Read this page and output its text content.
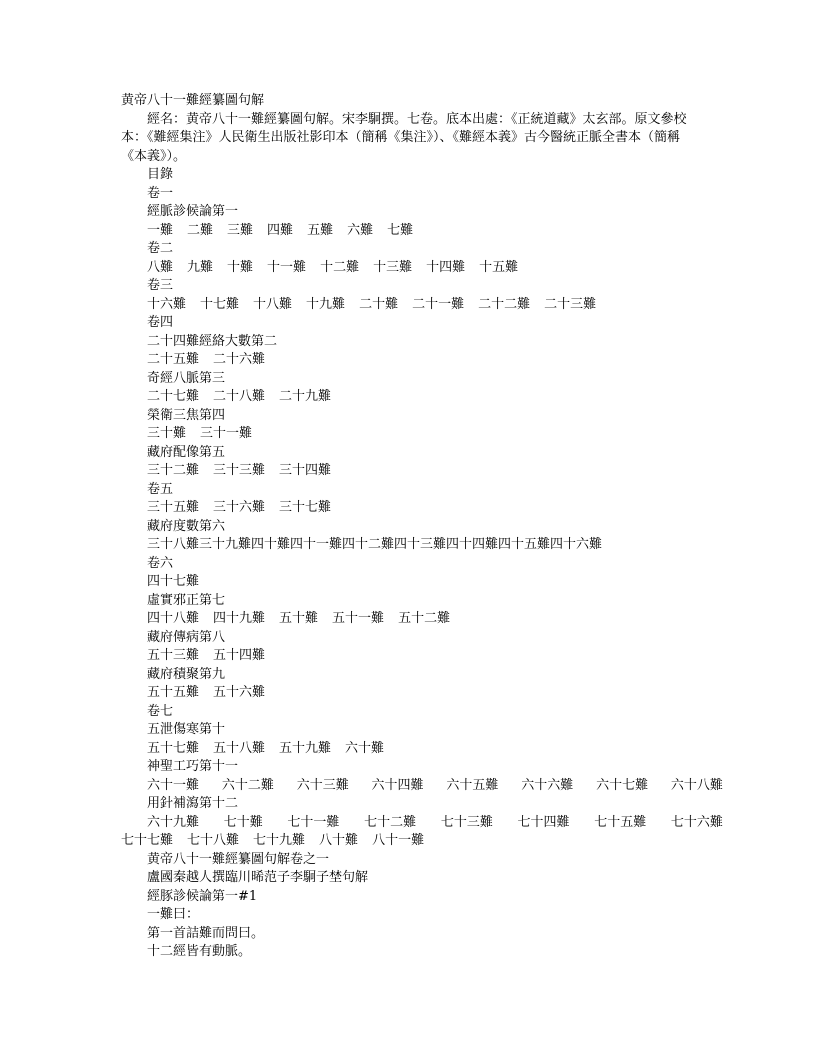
黄帝八十一難經纂圖句解
經名：黄帝八十一難經纂圖句解。宋李駉撰。七卷。底本出處：《正統道藏》太玄部。原文參校本：《難經集注》人民衛生出版社影印本（簡稱《集注》）、《難經本義》古今醫統正脈全書本（簡稱《本義》）。
目錄
卷一
經脈診候論第一
一難 二難 三難 四難 五難 六難 七難
卷二
八難 九難 十難 十一難 十二難 十三難 十四難 十五難
卷三
十六難 十七難 十八難 十九難 二十難 二十一難 二十二難 二十三難
卷四
二十四難經絡大數第二
二十五難 二十六難
奇經八脈第三
二十七難 二十八難 二十九難
榮衛三焦第四
三十難 三十一難
藏府配像第五
三十二難 三十三難 三十四難
卷五
三十五難 三十六難 三十七難
藏府度數第六
三十八難三十九難四十難四十一難四十二難四十三難四十四難四十五難四十六難
卷六
四十七難
虛實邪正第七
四十八難 四十九難 五十難 五十一難 五十二難
藏府傳病第八
五十三難 五十四難
藏府積聚第九
五十五難 五十六難
卷七
五泄傷寒第十
五十七難 五十八難 五十九難 六十難
神聖工巧第十一
六十一難 六十二難 六十三難 六十四難 六十五難 六十六難 六十七難 六十八難
用針補瀉第十二
六十九難 七十難 七十一難 七十二難 七十三難 七十四難 七十五難 七十六難
七十七難 七十八難 七十九難 八十難 八十一難
黄帝八十一難經纂圖句解卷之一
盧國秦越人撰臨川晞范子李駉子埜句解
經豚診候論第一#1
一難曰：
第一首詰難而問曰。
十二經皆有動脈。
